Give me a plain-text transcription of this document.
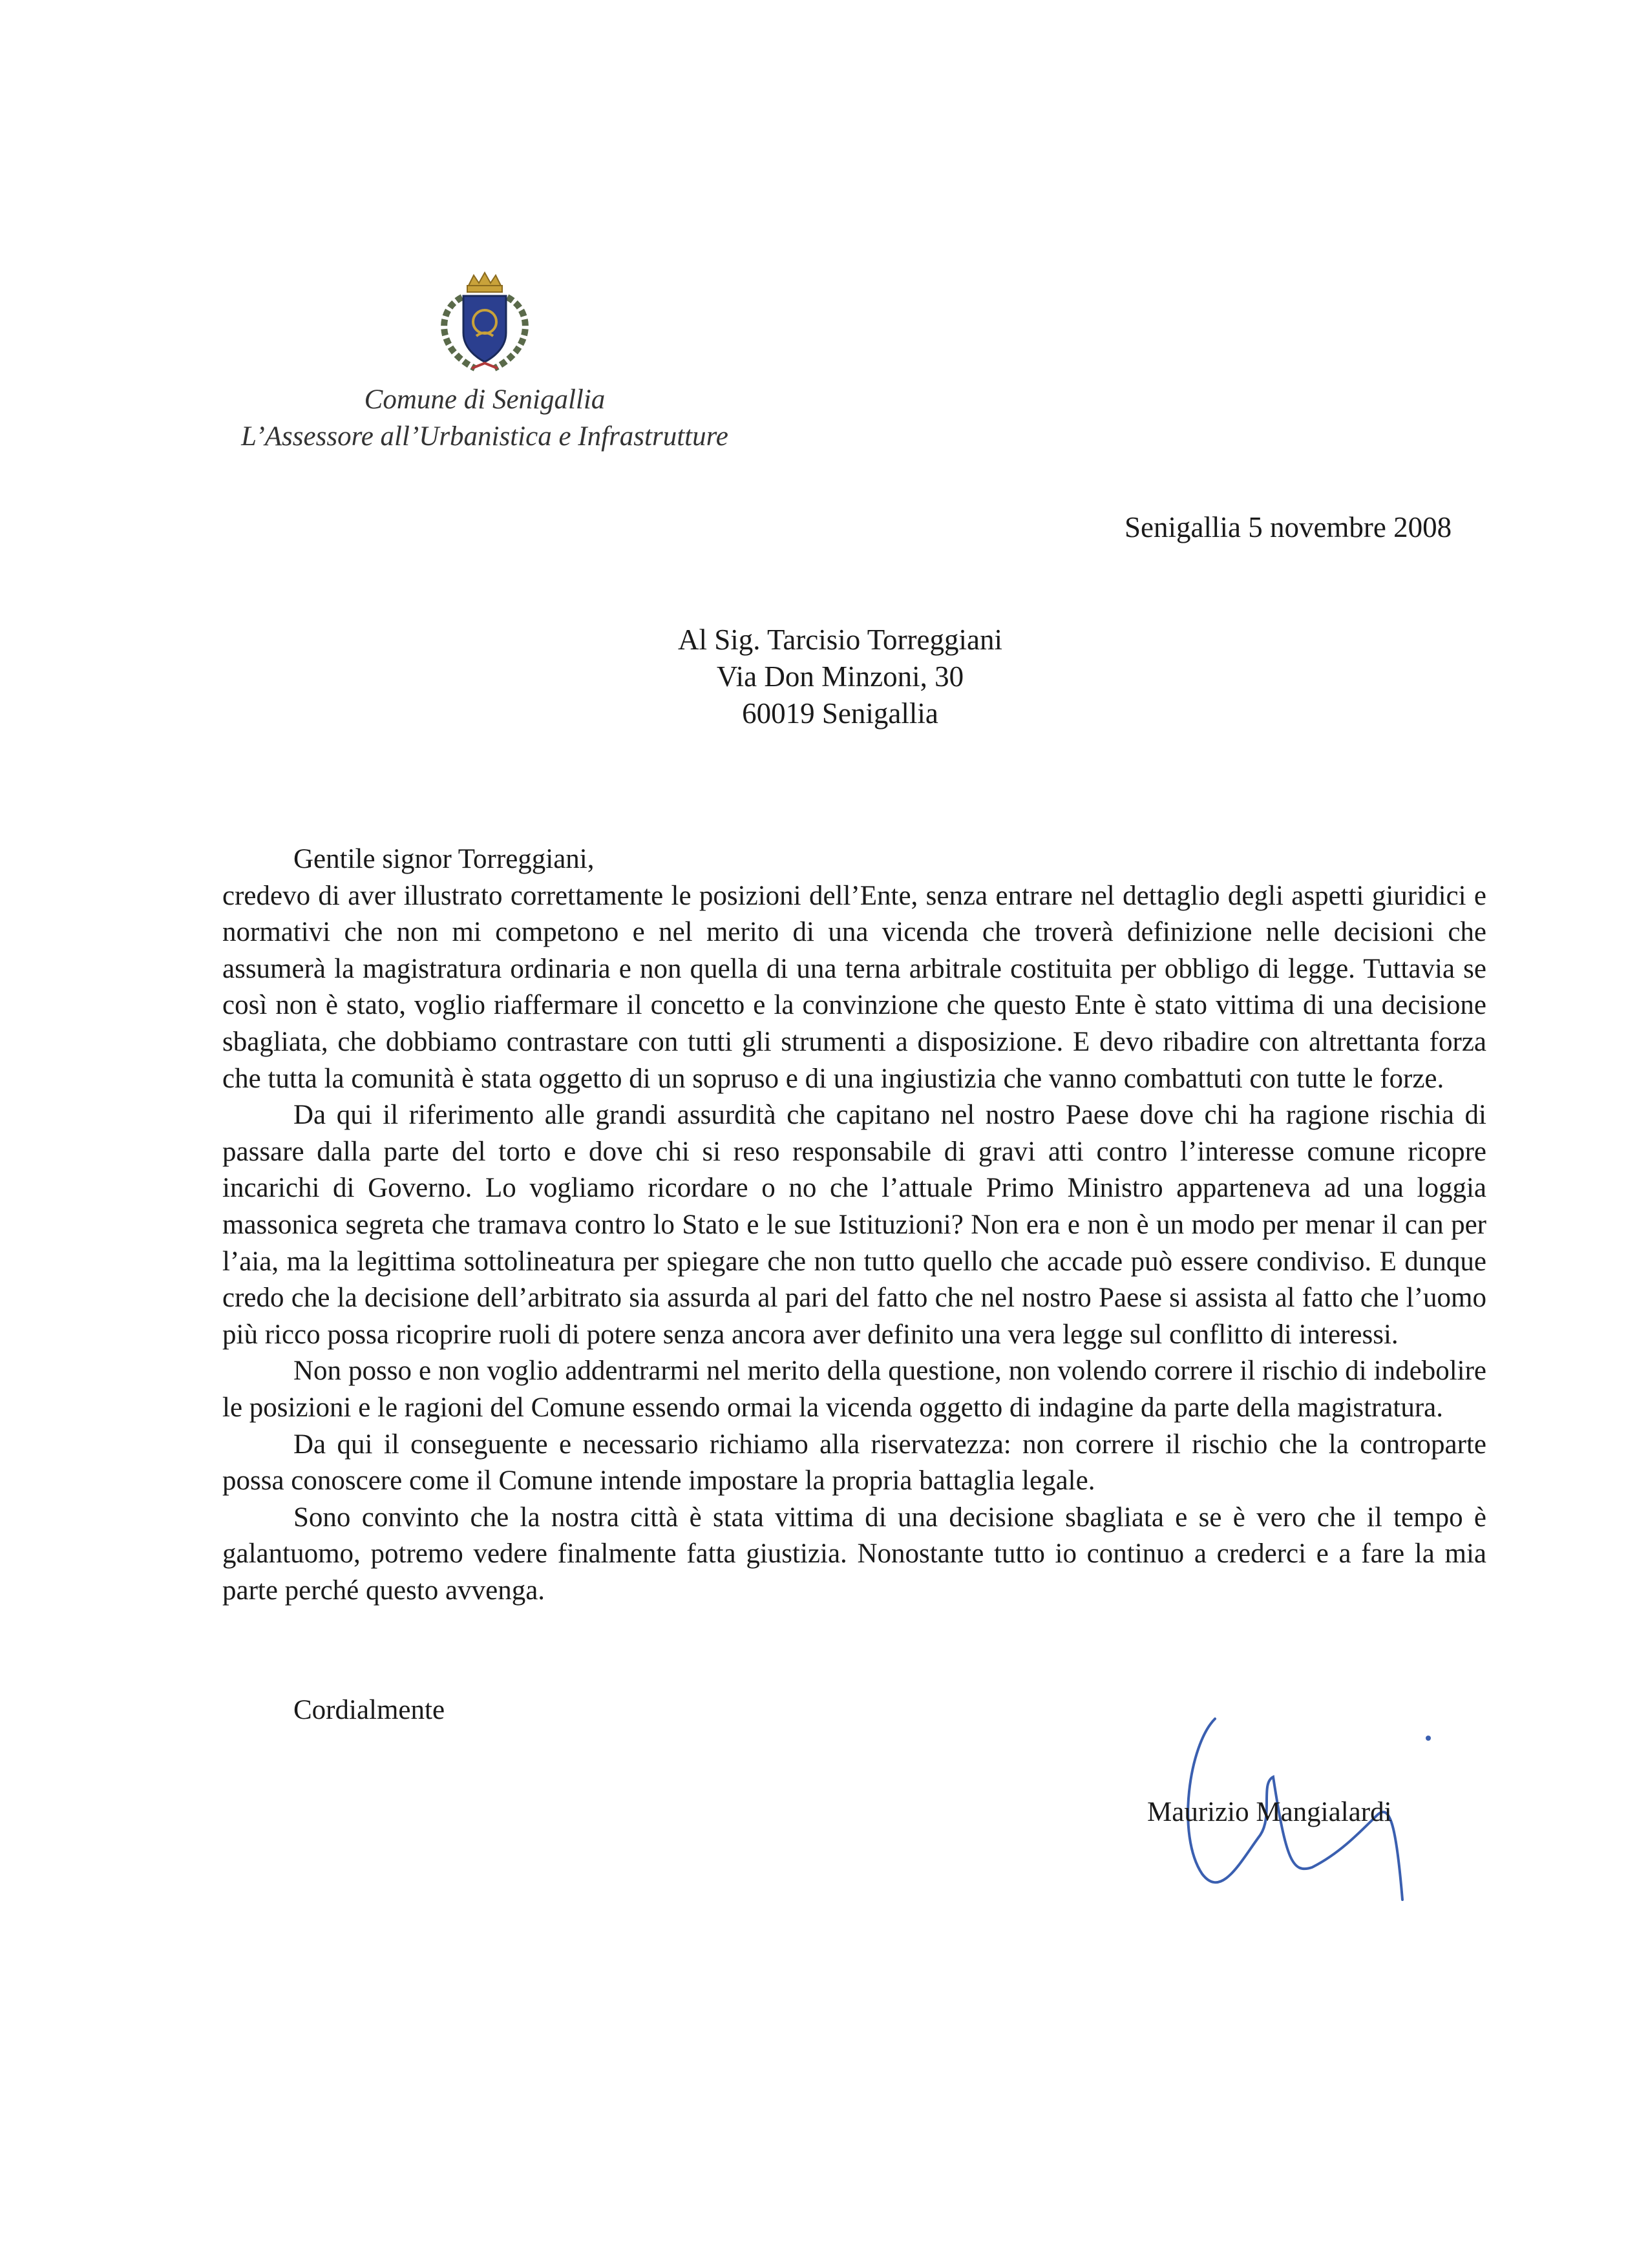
Comune di Senigallia
L’Assessore all’Urbanistica e Infrastrutture
Senigallia 5 novembre 2008
Al Sig. Tarcisio Torreggiani
Via Don Minzoni, 30
60019 Senigallia

Gentile signor Torreggiani,

credevo di aver illustrato correttamente le posizioni dell’Ente, senza entrare nel dettaglio degli aspetti giuridici e normativi che non mi competono e nel merito di una vicenda che troverà definizione nelle decisioni che assumerà la magistratura ordinaria e non quella di una terna arbitrale costituita per obbligo di legge. Tuttavia se così non è stato, voglio riaffermare il concetto e la convinzione che questo Ente è stato vittima di una decisione sbagliata, che dobbiamo contrastare con tutti gli strumenti a disposizione. E devo ribadire con altrettanta forza che tutta la comunità è stata oggetto di un sopruso e di una ingiustizia che vanno combattuti con tutte le forze.

Da qui il riferimento alle grandi assurdità che capitano nel nostro Paese dove chi ha ragione rischia di passare dalla parte del torto e dove chi si reso responsabile di gravi atti contro l’interesse comune ricopre incarichi di Governo. Lo vogliamo ricordare o no che l’attuale Primo Ministro apparteneva ad una loggia massonica segreta che tramava contro lo Stato e le sue Istituzioni? Non era e non è un modo per menar il can per l’aia, ma la legittima sottolineatura per spiegare che non tutto quello che accade può essere condiviso. E dunque credo che la decisione dell’arbitrato sia assurda al pari del fatto che nel nostro Paese si assista al fatto che l’uomo più ricco possa ricoprire ruoli di potere senza ancora aver definito una vera legge sul conflitto di interessi.

Non posso e non voglio addentrarmi nel merito della questione, non volendo correre il rischio di indebolire le posizioni e le ragioni del Comune essendo ormai la vicenda oggetto di indagine da parte della magistratura.

Da qui il conseguente e necessario richiamo alla riservatezza: non correre il rischio che la controparte possa conoscere come il Comune intende impostare la propria battaglia legale.

Sono convinto che la nostra città è stata vittima di una decisione sbagliata e se è vero che il tempo è galantuomo, potremo vedere finalmente fatta giustizia. Nonostante tutto io continuo a crederci e a fare la mia parte perché questo avvenga.

Cordialmente
Maurizio Mangialardi
